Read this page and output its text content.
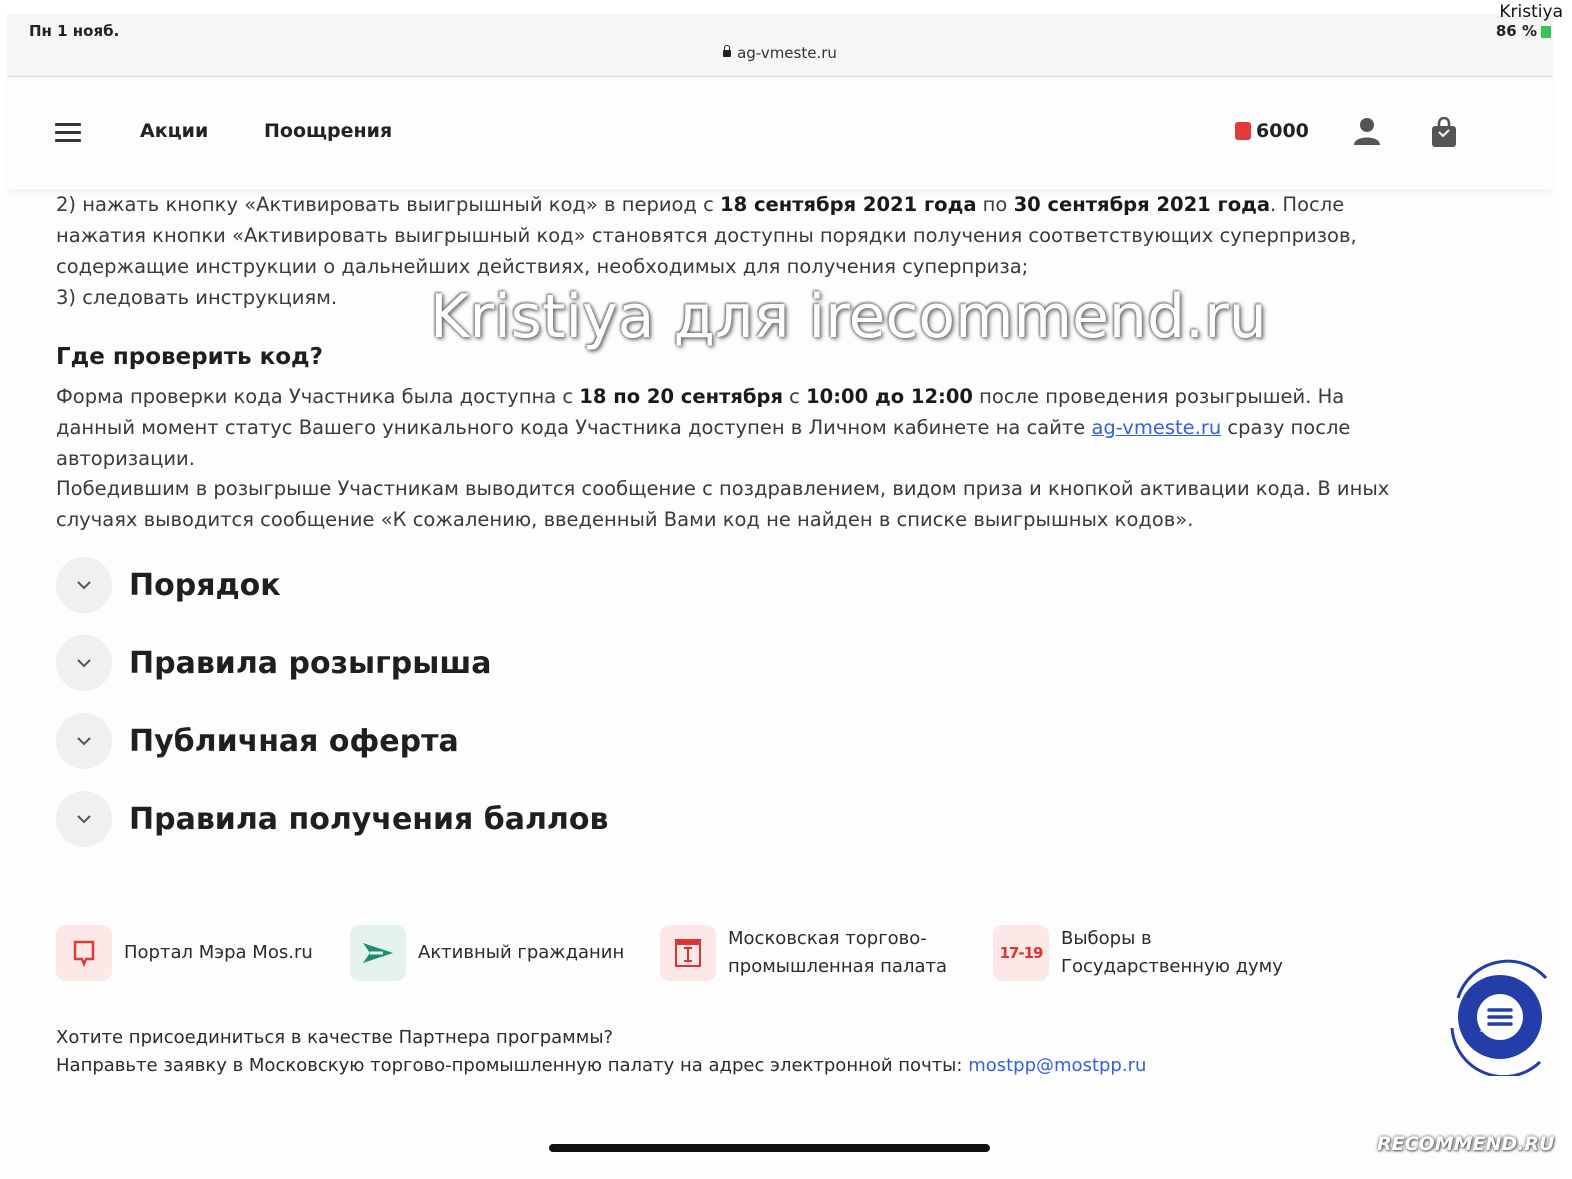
Пн 1 нояб.
ag-vmeste.ru
86 %
Kristiya
Акции	Поощрения	6000

2) нажать кнопку «Активировать выигрышный код» в период с 18 сентября 2021 года по 30 сентября 2021 года. После нажатия кнопки «Активировать выигрышный код» становятся доступны порядки получения соответствующих суперпризов, содержащие инструкции о дальнейших действиях, необходимых для получения суперприза;

3) следовать инструкциям.	Kristiya для irecommend.ru
Где проверить код?

Форма проверки кода Участника была доступна с 18 по 20 сентября с 10:00 до 12:00 после проведения розыгрышей. На данный момент статус Вашего уникального кода Участника доступен в Личном кабинете на сайте ag-vmeste.ru сразу после авторизации.

Победившим в розыгрыше Участникам выводится сообщение с поздравлением, видом приза и кнопкой активации кода. В иных случаях выводится сообщение «К сожалению, введенный Вами код не найден в списке выигрышных кодов».

Порядок
Правила розыгрыша
Публичная оферта
Правила получения баллов
Портал Мэра Mos.ru	Активный гражданин
Московская торгово-
промышленная палата
17-19
Выборы в
Государственную думу
Хотите присоединиться в качестве Партнера программы?
Направьте заявку в Московскую торгово-промышленную палату на адрес электронной почты: mostpp@mostpp.ru
RECOMMEND.RU
